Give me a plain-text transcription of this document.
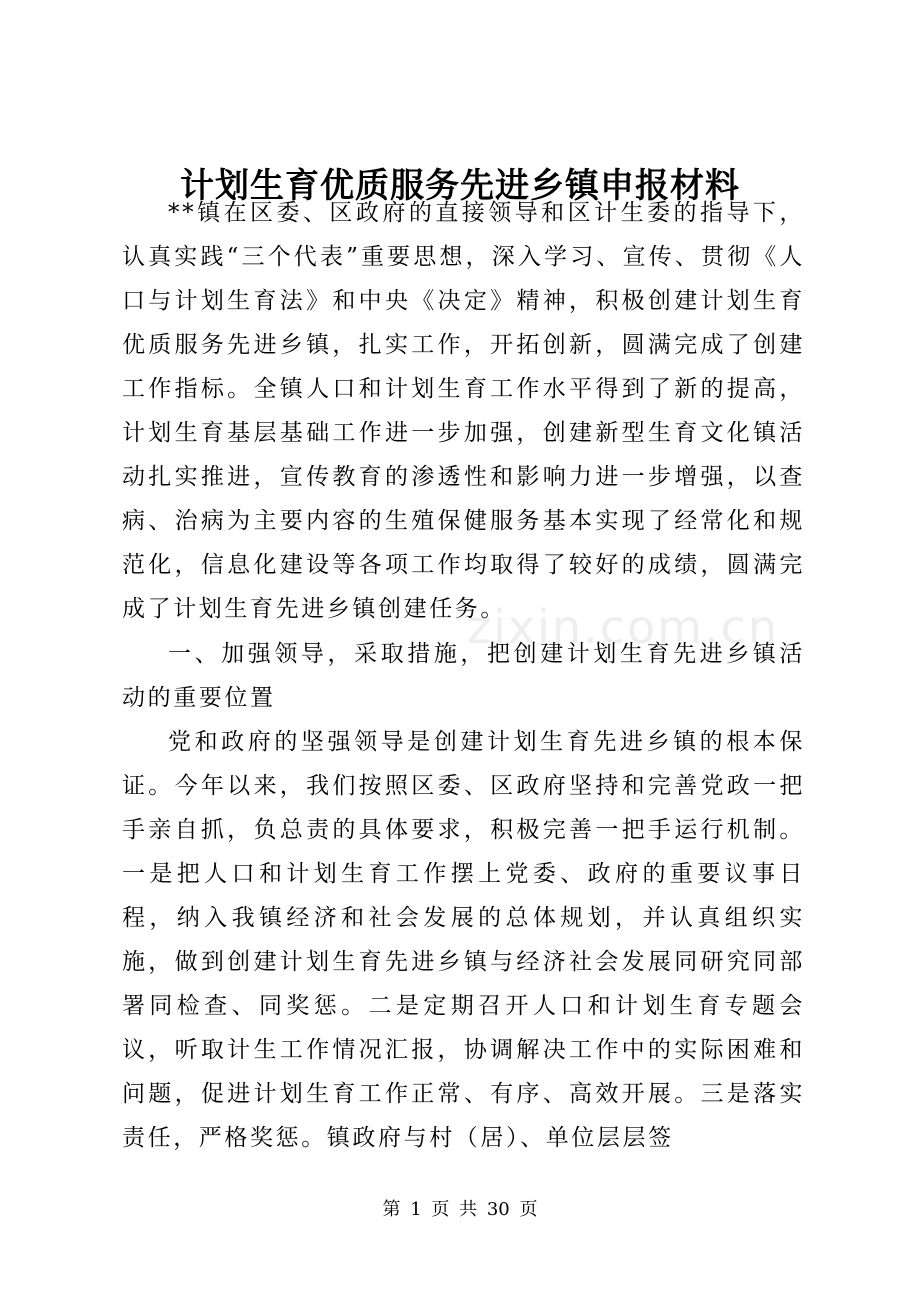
计划生育优质服务先进乡镇申报材料

**镇在区委、区政府的直接领导和区计生委的指导下，认真实践“三个代表”重要思想，深入学习、宣传、贯彻《人口与计划生育法》和中央《决定》精神，积极创建计划生育优质服务先进乡镇，扎实工作，开拓创新，圆满完成了创建工作指标。全镇人口和计划生育工作水平得到了新的提高，计划生育基层基础工作进一步加强，创建新型生育文化镇活动扎实推进，宣传教育的渗透性和影响力进一步增强，以查病、治病为主要内容的生殖保健服务基本实现了经常化和规范化，信息化建设等各项工作均取得了较好的成绩，圆满完成了计划生育先进乡镇创建任务。

一、加强领导，采取措施，把创建计划生育先进乡镇活动的重要位置

党和政府的坚强领导是创建计划生育先进乡镇的根本保证。今年以来，我们按照区委、区政府坚持和完善党政一把手亲自抓，负总责的具体要求，积极完善一把手运行机制。一是把人口和计划生育工作摆上党委、政府的重要议事日程，纳入我镇经济和社会发展的总体规划，并认真组织实施，做到创建计划生育先进乡镇与经济社会发展同研究同部署同检查、同奖惩。二是定期召开人口和计划生育专题会议，听取计生工作情况汇报，协调解决工作中的实际困难和问题，促进计划生育工作正常、有序、高效开展。三是落实责任，严格奖惩。镇政府与村（居）、单位层层签

zixin.com.cn
第 1 页 共 30 页
